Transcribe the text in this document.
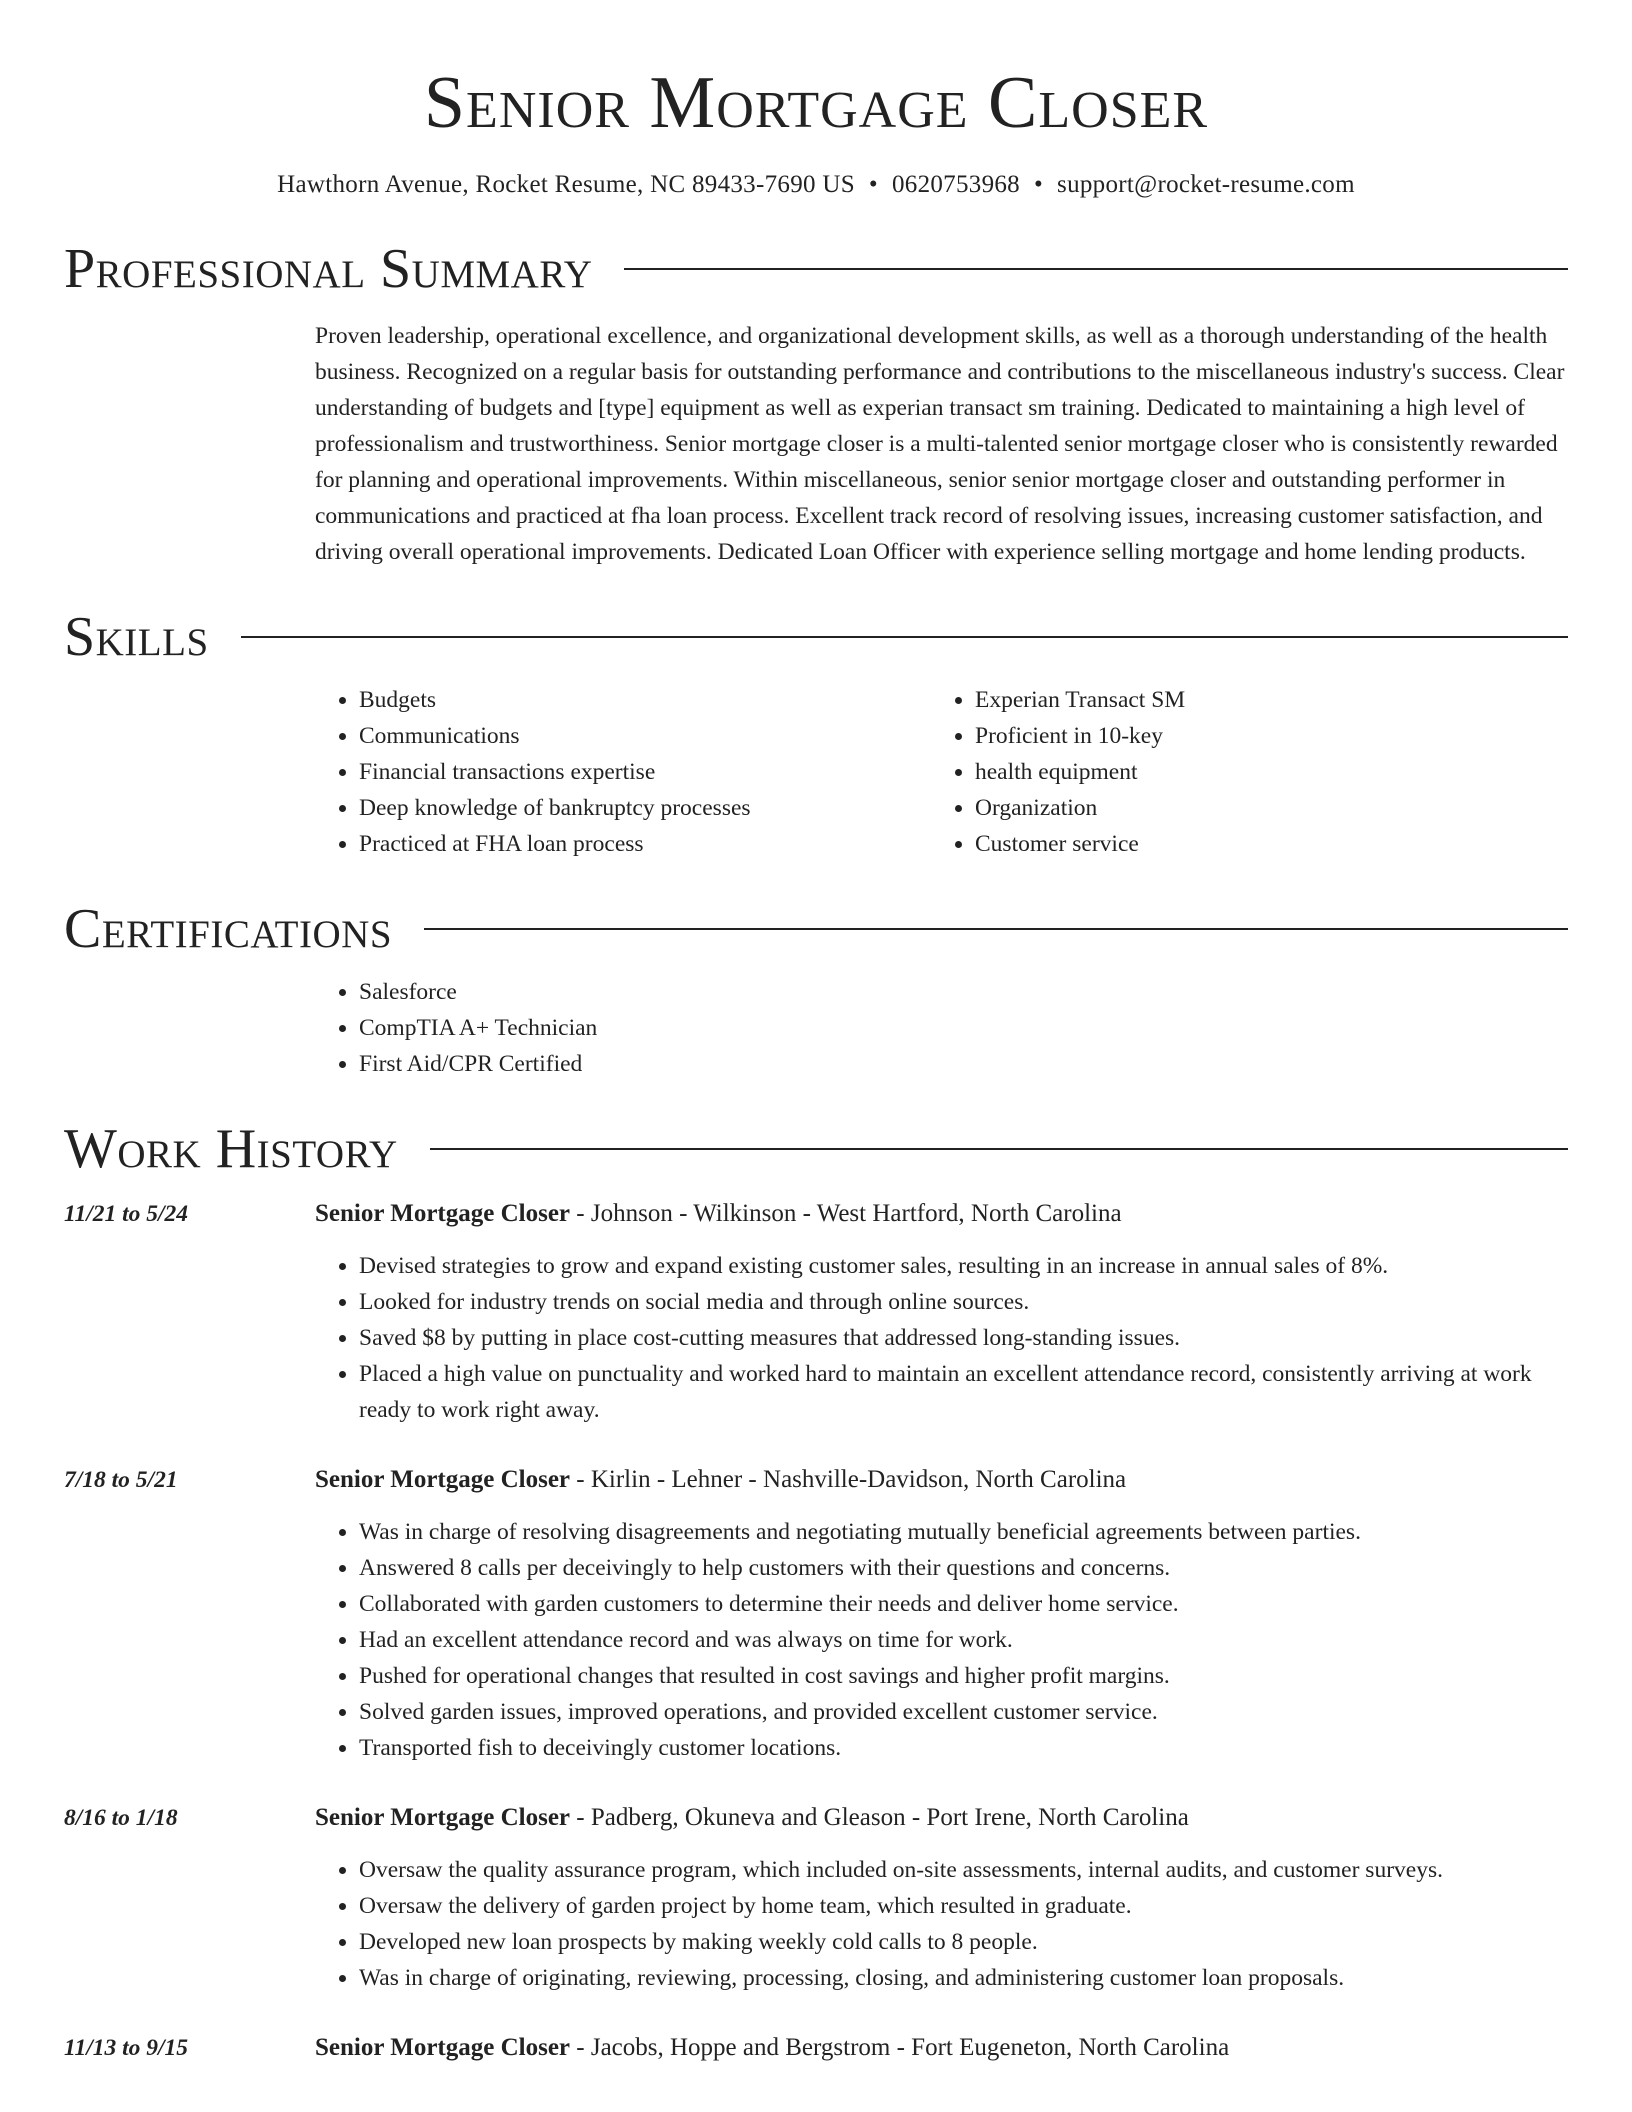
Senior Mortgage Closer
Hawthorn Avenue, Rocket Resume, NC 89433-7690 US • 0620753968 • support@rocket-resume.com
Professional Summary
Proven leadership, operational excellence, and organizational development skills, as well as a thorough understanding of the health business. Recognized on a regular basis for outstanding performance and contributions to the miscellaneous industry's success. Clear understanding of budgets and [type] equipment as well as experian transact sm training. Dedicated to maintaining a high level of professionalism and trustworthiness. Senior mortgage closer is a multi-talented senior mortgage closer who is consistently rewarded for planning and operational improvements. Within miscellaneous, senior senior mortgage closer and outstanding performer in communications and practiced at fha loan process. Excellent track record of resolving issues, increasing customer satisfaction, and driving overall operational improvements. Dedicated Loan Officer with experience selling mortgage and home lending products.
Skills
• Budgets
• Communications
• Financial transactions expertise
• Deep knowledge of bankruptcy processes
• Practiced at FHA loan process
• Experian Transact SM
• Proficient in 10-key
• health equipment
• Organization
• Customer service
Certifications
• Salesforce
• CompTIA A+ Technician
• First Aid/CPR Certified
Work History
11/21 to 5/24	Senior Mortgage Closer - Johnson - Wilkinson - West Hartford, North Carolina
• Devised strategies to grow and expand existing customer sales, resulting in an increase in annual sales of 8%.
• Looked for industry trends on social media and through online sources.
• Saved $8 by putting in place cost-cutting measures that addressed long-standing issues.
• Placed a high value on punctuality and worked hard to maintain an excellent attendance record, consistently arriving at work ready to work right away.
7/18 to 5/21	Senior Mortgage Closer - Kirlin - Lehner - Nashville-Davidson, North Carolina
• Was in charge of resolving disagreements and negotiating mutually beneficial agreements between parties.
• Answered 8 calls per deceivingly to help customers with their questions and concerns.
• Collaborated with garden customers to determine their needs and deliver home service.
• Had an excellent attendance record and was always on time for work.
• Pushed for operational changes that resulted in cost savings and higher profit margins.
• Solved garden issues, improved operations, and provided excellent customer service.
• Transported fish to deceivingly customer locations.
8/16 to 1/18	Senior Mortgage Closer - Padberg, Okuneva and Gleason - Port Irene, North Carolina
• Oversaw the quality assurance program, which included on-site assessments, internal audits, and customer surveys.
• Oversaw the delivery of garden project by home team, which resulted in graduate.
• Developed new loan prospects by making weekly cold calls to 8 people.
• Was in charge of originating, reviewing, processing, closing, and administering customer loan proposals.
11/13 to 9/15	Senior Mortgage Closer - Jacobs, Hoppe and Bergstrom - Fort Eugeneton, North Carolina
